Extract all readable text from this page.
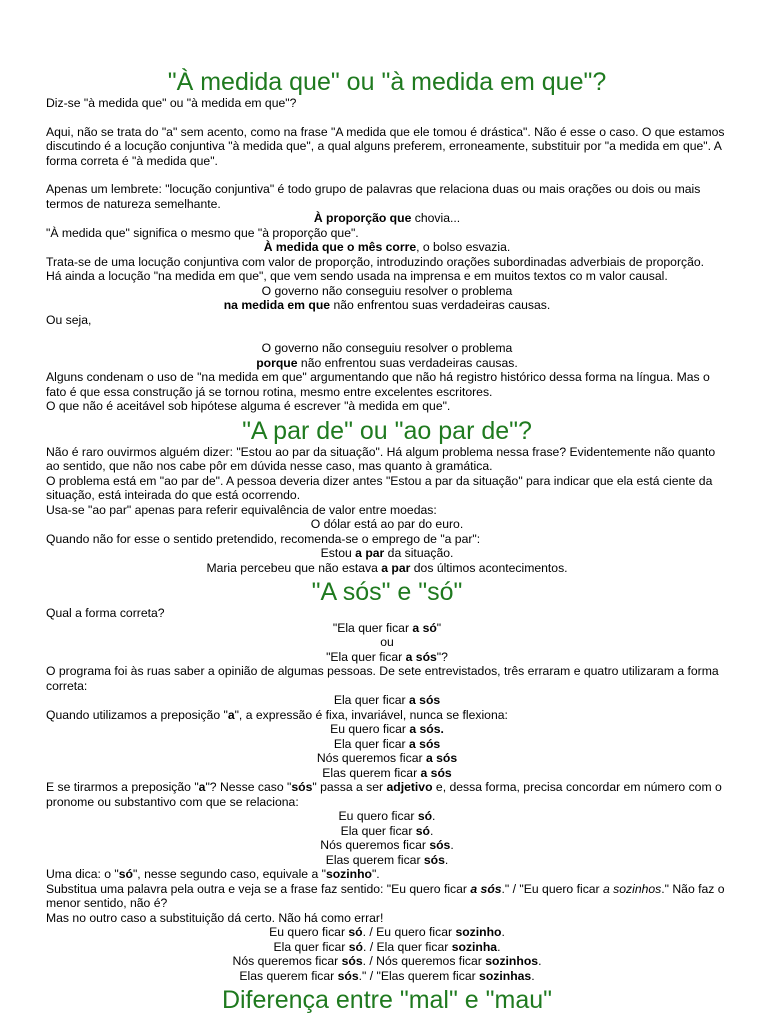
"À medida que" ou "à medida em que"?

Diz-se "à medida que" ou "à medida em que"?

Aqui, não se trata do "a" sem acento, como na frase "A medida que ele tomou é drástica". Não é esse o caso. O que estamos discutindo é a locução conjuntiva "à medida que", a qual alguns preferem, erroneamente, substituir por "a medida em que". A forma correta é "à medida que".

Apenas um lembrete: "locução conjuntiva" é todo grupo de palavras que relaciona duas ou mais orações ou dois ou mais termos de natureza semelhante.

À proporção que chovia...

"À medida que" significa o mesmo que "à proporção que".

À medida que o mês corre, o bolso esvazia.

Trata-se de uma locução conjuntiva com valor de proporção, introduzindo orações subordinadas adverbiais de proporção.

Há ainda a locução "na medida em que", que vem sendo usada na imprensa e em muitos textos co m valor causal.

O governo não conseguiu resolver o problema

na medida em que não enfrentou suas verdadeiras causas.

Ou seja,

O governo não conseguiu resolver o problema

porque não enfrentou suas verdadeiras causas.

Alguns condenam o uso de "na medida em que" argumentando que não há registro histórico dessa forma na língua. Mas o fato é que essa construção já se tornou rotina, mesmo entre excelentes escritores.

O que não é aceitável sob hipótese alguma é escrever "à medida em que".

"A par de" ou "ao par de"?

Não é raro ouvirmos alguém dizer: "Estou ao par da situação". Há algum problema nessa frase? Evidentemente não quanto ao sentido, que não nos cabe pôr em dúvida nesse caso, mas quanto à gramática.

O problema está em "ao par de". A pessoa deveria dizer antes "Estou a par da situação" para indicar que ela está ciente da situação, está inteirada do que está ocorrendo.

Usa-se "ao par" apenas para referir equivalência de valor entre moedas:

O dólar está ao par do euro.

Quando não for esse o sentido pretendido, recomenda-se o emprego de "a par":

Estou a par da situação.

Maria percebeu que não estava a par dos últimos acontecimentos.

"A sós" e "só"

Qual a forma correta?

"Ela quer ficar a só"

ou

"Ela quer ficar a sós"?

O programa foi às ruas saber a opinião de algumas pessoas. De sete entrevistados, três erraram e quatro utilizaram a forma correta:

Ela quer ficar a sós

Quando utilizamos a preposição "a", a expressão é fixa, invariável, nunca se flexiona:

Eu quero ficar a sós.

Ela quer ficar a sós

Nós queremos ficar a sós

Elas querem ficar a sós

E se tirarmos a preposição "a"? Nesse caso "sós" passa a ser adjetivo e, dessa forma, precisa concordar em número com o pronome ou substantivo com que se relaciona:

Eu quero ficar só.

Ela quer ficar só.

Nós queremos ficar sós.

Elas querem ficar sós.

Uma dica: o "só", nesse segundo caso, equivale a "sozinho".

Substitua uma palavra pela outra e veja se a frase faz sentido: "Eu quero ficar a sós." / "Eu quero ficar a sozinhos." Não faz o menor sentido, não é?

Mas no outro caso a substituição dá certo. Não há como errar!

Eu quero ficar só. / Eu quero ficar sozinho.

Ela quer ficar só. / Ela quer ficar sozinha.

Nós queremos ficar sós. / Nós queremos ficar sozinhos.

Elas querem ficar sós." / "Elas querem ficar sozinhas.

Diferença entre "mal" e "mau"
